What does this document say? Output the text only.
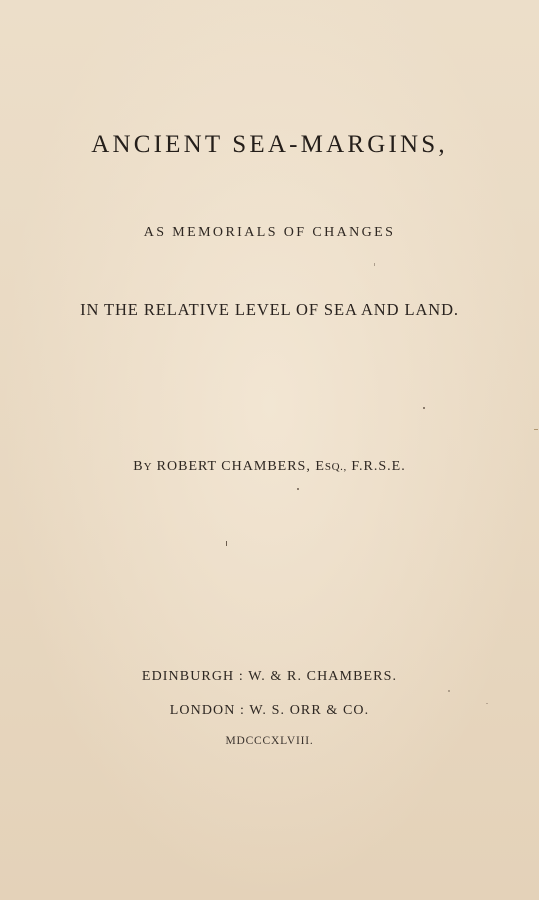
ANCIENT SEA-MARGINS,
AS MEMORIALS OF CHANGES
IN THE RELATIVE LEVEL OF SEA AND LAND.
BY ROBERT CHAMBERS, ESQ., F.R.S.E.
EDINBURGH : W. & R. CHAMBERS.
LONDON : W. S. ORR & CO.
MDCCCXLVIII.
